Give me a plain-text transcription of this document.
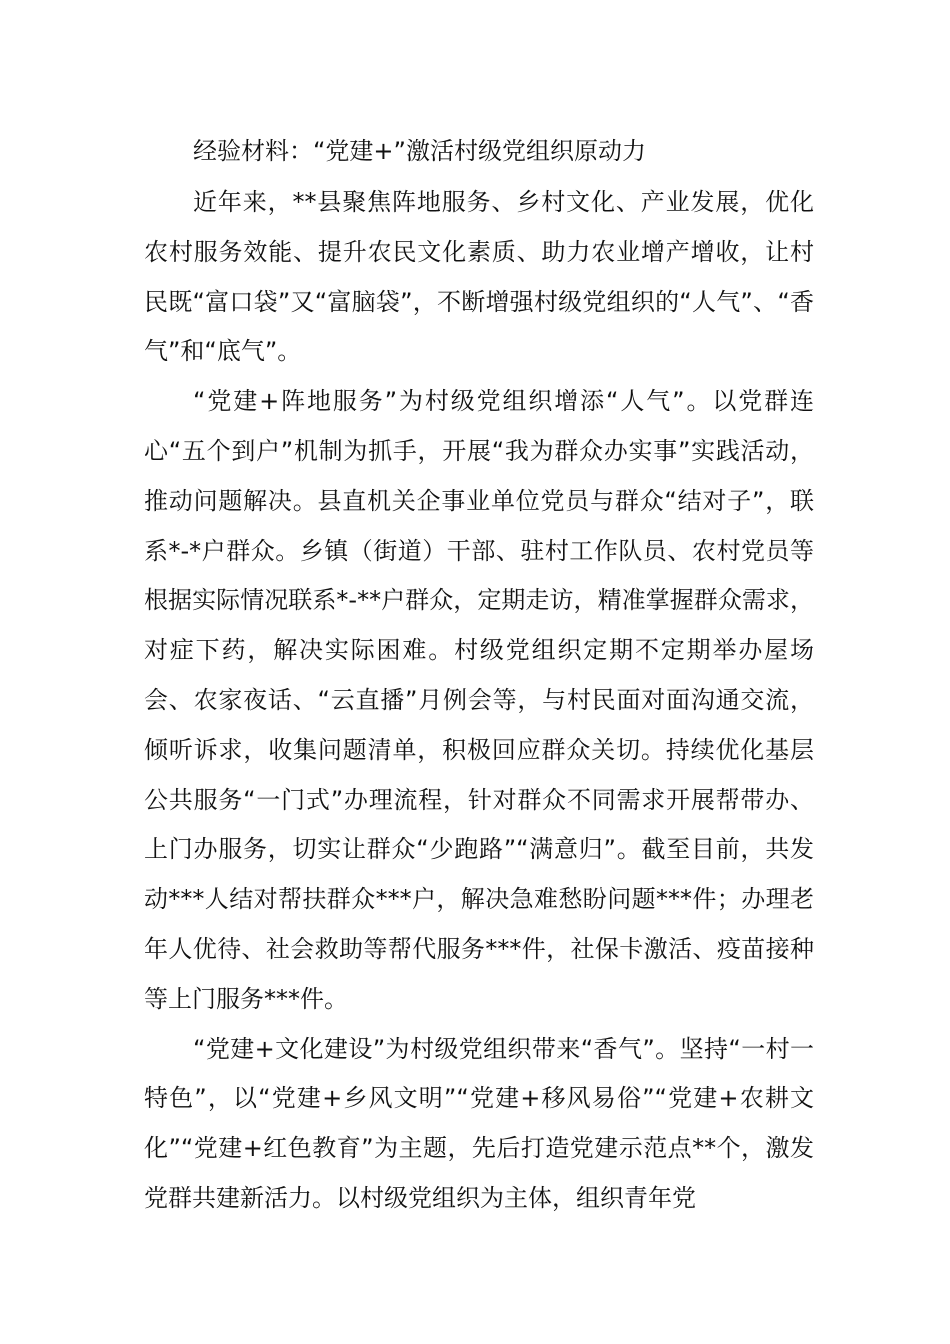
经验材料：“党建+”激活村级党组织原动力

近年来，**县聚焦阵地服务、乡村文化、产业发展，优化农村服务效能、提升农民文化素质、助力农业增产增收，让村民既“富口袋”又“富脑袋”，不断增强村级党组织的“人气”、“香气”和“底气”。

“党建+阵地服务”为村级党组织增添“人气”。以党群连心“五个到户”机制为抓手，开展“我为群众办实事”实践活动，推动问题解决。县直机关企事业单位党员与群众“结对子”，联系*-*户群众。乡镇（街道）干部、驻村工作队员、农村党员等根据实际情况联系*-**户群众，定期走访，精准掌握群众需求，对症下药，解决实际困难。村级党组织定期不定期举办屋场会、农家夜话、“云直播”月例会等，与村民面对面沟通交流，倾听诉求，收集问题清单，积极回应群众关切。持续优化基层公共服务“一门式”办理流程，针对群众不同需求开展帮带办、上门办服务，切实让群众“少跑路”“满意归”。截至目前，共发动***人结对帮扶群众***户，解决急难愁盼问题***件；办理老年人优待、社会救助等帮代服务***件，社保卡激活、疫苗接种等上门服务***件。

“党建+文化建设”为村级党组织带来“香气”。坚持“一村一特色”，以“党建+乡风文明”“党建+移风易俗”“党建+农耕文化”“党建+红色教育”为主题，先后打造党建示范点**个，激发党群共建新活力。以村级党组织为主体，组织青年党
